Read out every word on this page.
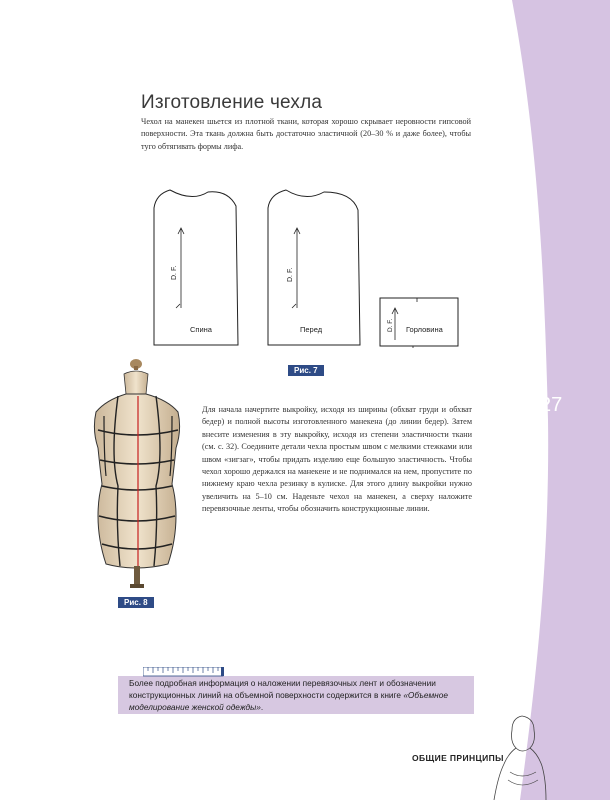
27
Изготовление чехла

Чехол на манекен шьется из плотной ткани, которая хорошо скрывает неровности гипсовой поверхности. Эта ткань должна быть достаточно эластичной (20–30 % и даже более), чтобы туго обтягивать формы лифа.

D. F.
Спина
D. F.
Перед	D. F. Горловина
Рис. 7
Рис. 8

Для начала начертите выкройку, исходя из ширины (обхват груди и обхват бедер) и полной высоты изготовленного манекена (до линии бедер). Затем внесите изменения в эту выкройку, исходя из степени эластичности ткани (см. с. 32). Соедините детали чехла простым швом с мелкими стежками или швом «зигзаг», чтобы придать изделию еще большую эластичность. Чтобы чехол хорошо держался на манекене и не поднимался на нем, пропустите по нижнему краю чехла резинку в кулиске. Для этого длину выкройки нужно увеличить на 5–10 см. Наденьте чехол на манекен, а сверху наложите перевязочные ленты, чтобы обозначить конструкционные линии.

Более подробная информация о наложении перевязочных лент и обозначении конструкционных линий на объемной поверхности содержится в книге «Объемное моделирование женской одежды».

ОБЩИЕ ПРИНЦИПЫ
